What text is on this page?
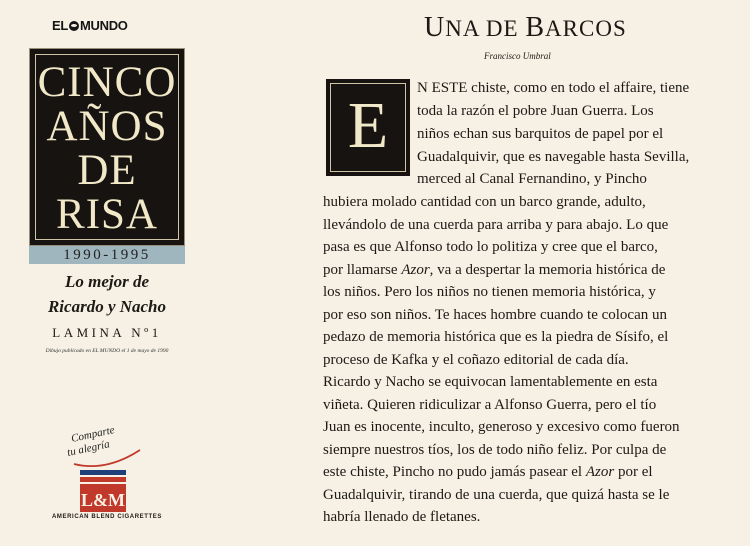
EL MUNDO
CINCO
AÑOS
DE
RISA
1990-1995
Lo mejor de
Ricardo y Nacho
LAMINA Nº1
Dibujo publicado en EL MUNDO el 1 de mayo de 1990
Comparte
tu alegría
L&M
AMERICAN BLEND CIGARETTES
UNA DE BARCOS
Francisco Umbral
E
N ESTE chiste, como en todo el affaire, tiene
toda la razón el pobre Juan Guerra. Los
niños echan sus barquitos de papel por el
Guadalquivir, que es navegable hasta Sevilla,
merced al Canal Fernandino, y Pincho
hubiera molado cantidad con un barco grande, adulto,
llevándolo de una cuerda para arriba y para abajo. Lo que
pasa es que Alfonso todo lo politiza y cree que el barco,
por llamarse Azor, va a despertar la memoria histórica de
los niños. Pero los niños no tienen memoria histórica, y
por eso son niños. Te haces hombre cuando te colocan un
pedazo de memoria histórica que es la piedra de Sísifo, el
proceso de Kafka y el coñazo editorial de cada día.
Ricardo y Nacho se equivocan lamentablemente en esta
viñeta. Quieren ridiculizar a Alfonso Guerra, pero el tío
Juan es inocente, inculto, generoso y excesivo como fueron
siempre nuestros tíos, los de todo niño feliz. Por culpa de
este chiste, Pincho no pudo jamás pasear el Azor por el
Guadalquivir, tirando de una cuerda, que quizá hasta se le
habría llenado de fletanes.
